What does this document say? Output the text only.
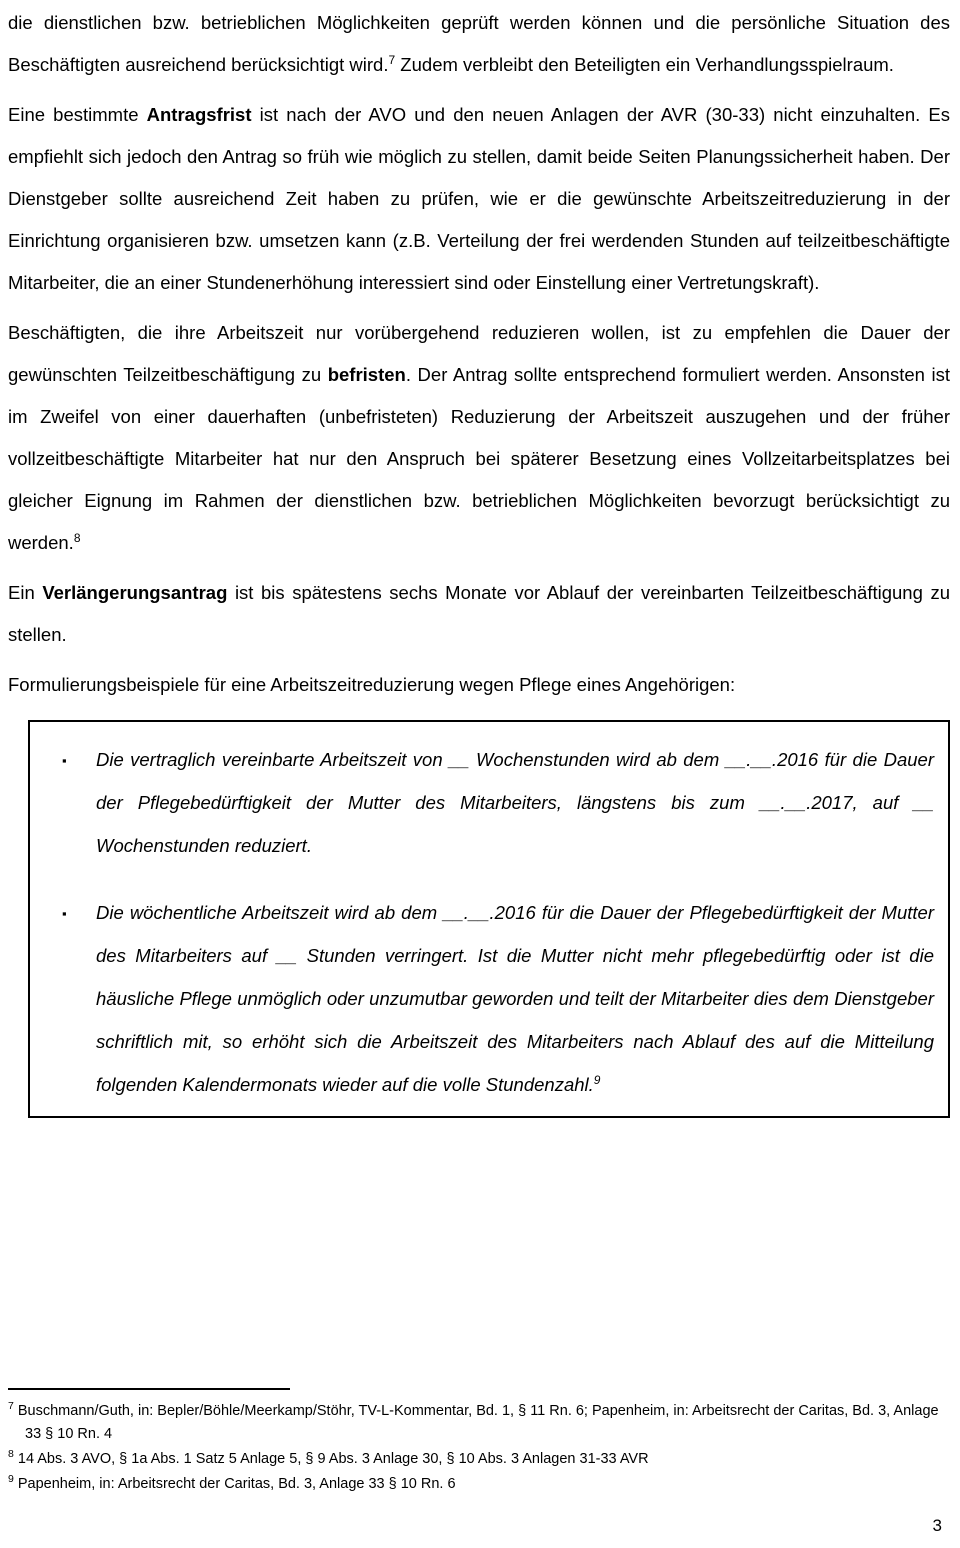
die dienstlichen bzw. betrieblichen Möglichkeiten geprüft werden können und die persönliche Situation des Beschäftigten ausreichend berücksichtigt wird.$^7$ Zudem verbleibt den Beteiligten ein Verhandlungsspielraum.

Eine bestimmte Antragsfrist ist nach der AVO und den neuen Anlagen der AVR (30-33) nicht einzuhalten. Es empfiehlt sich jedoch den Antrag so früh wie möglich zu stellen, damit beide Seiten Planungssicherheit haben. Der Dienstgeber sollte ausreichend Zeit haben zu prüfen, wie er die gewünschte Arbeitszeitreduzierung in der Einrichtung organisieren bzw. umsetzen kann (z.B. Verteilung der frei werdenden Stunden auf teilzeitbeschäftigte Mitarbeiter, die an einer Stundenerhöhung interessiert sind oder Einstellung einer Vertretungskraft).

Beschäftigten, die ihre Arbeitszeit nur vorübergehend reduzieren wollen, ist zu empfehlen die Dauer der gewünschten Teilzeitbeschäftigung zu befristen. Der Antrag sollte entsprechend formuliert werden. Ansonsten ist im Zweifel von einer dauerhaften (unbefristeten) Reduzierung der Arbeitszeit auszugehen und der früher vollzeitbeschäftigte Mitarbeiter hat nur den Anspruch bei späterer Besetzung eines Vollzeitarbeitsplatzes bei gleicher Eignung im Rahmen der dienstlichen bzw. betrieblichen Möglichkeiten bevorzugt berücksichtigt zu werden.$^8$

Ein Verlängerungsantrag ist bis spätestens sechs Monate vor Ablauf der vereinbarten Teilzeitbeschäftigung zu stellen.

Formulierungsbeispiele für eine Arbeitszeitreduzierung wegen Pflege eines Angehörigen:

▪ Die vertraglich vereinbarte Arbeitszeit von __ Wochenstunden wird ab dem __.__.2016 für die Dauer der Pflegebedürftigkeit der Mutter des Mitarbeiters, längstens bis zum __.__.2017, auf __ Wochenstunden reduziert.
▪ Die wöchentliche Arbeitszeit wird ab dem __.__.2016 für die Dauer der Pflegebedürftigkeit der Mutter des Mitarbeiters auf __ Stunden verringert. Ist die Mutter nicht mehr pflegebedürftig oder ist die häusliche Pflege unmöglich oder unzumutbar geworden und teilt der Mitarbeiter dies dem Dienstgeber schriftlich mit, so erhöht sich die Arbeitszeit des Mitarbeiters nach Ablauf des auf die Mitteilung folgenden Kalendermonats wieder auf die volle Stundenzahl.$^9$

$^7$ Buschmann/Guth, in: Bepler/Böhle/Meerkamp/Stöhr, TV-L-Kommentar, Bd. 1, § 11 Rn. 6; Papenheim, in: Arbeitsrecht der Caritas, Bd. 3, Anlage 33 § 10 Rn. 4

$^8$ 14 Abs. 3 AVO, § 1a Abs. 1 Satz 5 Anlage 5, § 9 Abs. 3 Anlage 30, § 10 Abs. 3 Anlagen 31-33 AVR

$^9$ Papenheim, in: Arbeitsrecht der Caritas, Bd. 3, Anlage 33 § 10 Rn. 6

3
